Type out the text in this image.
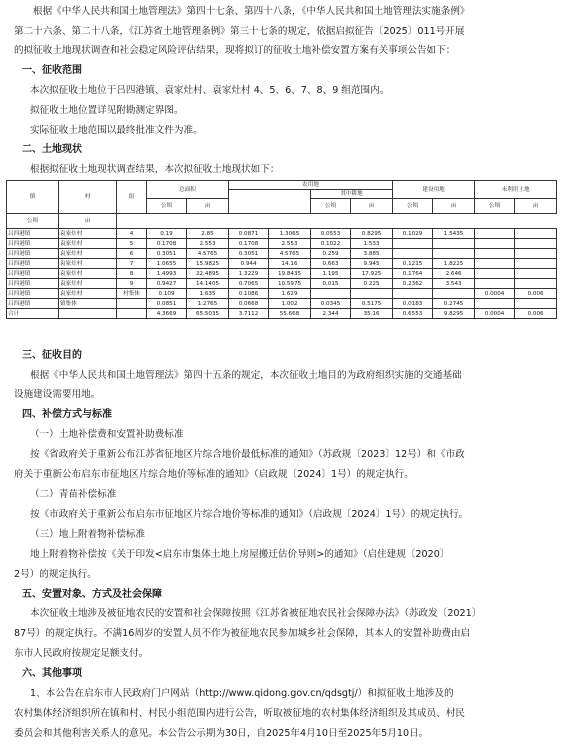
根据《中华人民共和国土地管理法》第四十七条、第四十八条，《中华人民共和国土地管理法实施条例》
第二十六条、第二十八条，《江苏省土地管理条例》第三十七条的规定，依据启拟征告〔2025〕011号开展
的拟征收土地现状调查和社会稳定风险评估结果，现将拟订的征收土地补偿安置方案有关事项公告如下：
一、征收范围
本次拟征收土地位于吕四港镇、袁家灶村、袁家灶村 4、5、6、7、8、9 组范围内。
拟征收土地位置详见附勘测定界图。
实际征收土地范围以最终批准文件为准。
二、土地现状
根据拟征收土地现状调查结果，本次拟征收土地现状如下：
镇	村	组	总面积		农用地				建设用地		未利用土地	
							其中耕地					
			公顷	亩			公顷	亩	公顷	亩	公顷	亩
公顷	亩											
吕四港镇	袁家灶村	4	0.19	2.85	0.0871	1.3065	0.0553	0.8295	0.1029	1.5435		
吕四港镇	袁家灶村	5	0.1708	2.553	0.1708	2.553	0.1022	1.533				
吕四港镇	袁家灶村	6	0.3051	4.5765	0.3051	4.5765	0.259	3.885				
吕四港镇	袁家灶村	7	1.0655	15.9825	0.944	14.16	0.663	9.945	0.1215	1.8225		
吕四港镇	袁家灶村	8	1.4993	22.4895	1.3229	19.8435	1.195	17.925	0.1764	2.646		
吕四港镇	袁家灶村	9	0.9427	14.1405	0.7065	10.5975	0.015	0.225	0.2362	3.543		
吕四港镇	袁家灶村	村集体	0.109	1.635	0.1086	1.629					0.0004	0.006
吕四港镇	镇集体		0.0851	1.2765	0.0668	1.002	0.0345	0.5175	0.0183	0.2745		
合计			4.3669	65.5035	3.7112	55.668	2.344	35.16	0.6553	9.8295	0.0004	0.006
三、征收目的
根据《中华人民共和国土地管理法》第四十五条的规定，本次征收土地目的为政府组织实施的交通基础
设施建设需要用地。
四、补偿方式与标准
（一）土地补偿费和安置补助费标准
按《省政府关于重新公布江苏省征地区片综合地价最低标准的通知》（苏政规〔2023〕12号）和《市政
府关于重新公布启东市征地区片综合地价等标准的通知》（启政规〔2024〕1号）的规定执行。
（二）青苗补偿标准
按《市政府关于重新公布启东市征地区片综合地价等标准的通知》（启政规〔2024〕1号）的规定执行。
（三）地上附着物补偿标准
地上附着物补偿按《关于印发<启东市集体土地上房屋搬迁估价导则>的通知》（启住建规〔2020〕
2号）的规定执行。
五、安置对象、方式及社会保障
本次征收土地涉及被征地农民的安置和社会保障按照《江苏省被征地农民社会保障办法》（苏政发〔2021〕
87号）的规定执行。不满16周岁的安置人员不作为被征地农民参加城乡社会保障，其本人的安置补助费由启
东市人民政府按规定足额支付。
六、其他事项
1、本公告在启东市人民政府门户网站（http://www.qidong.gov.cn/qdsgtj/）和拟征收土地涉及的
农村集体经济组织所在镇和村、村民小组范围内进行公告，听取被征地的农村集体经济组织及其成员、村民
委员会和其他利害关系人的意见。本公告公示期为30日，自2025年4月10日至2025年5月10日。
